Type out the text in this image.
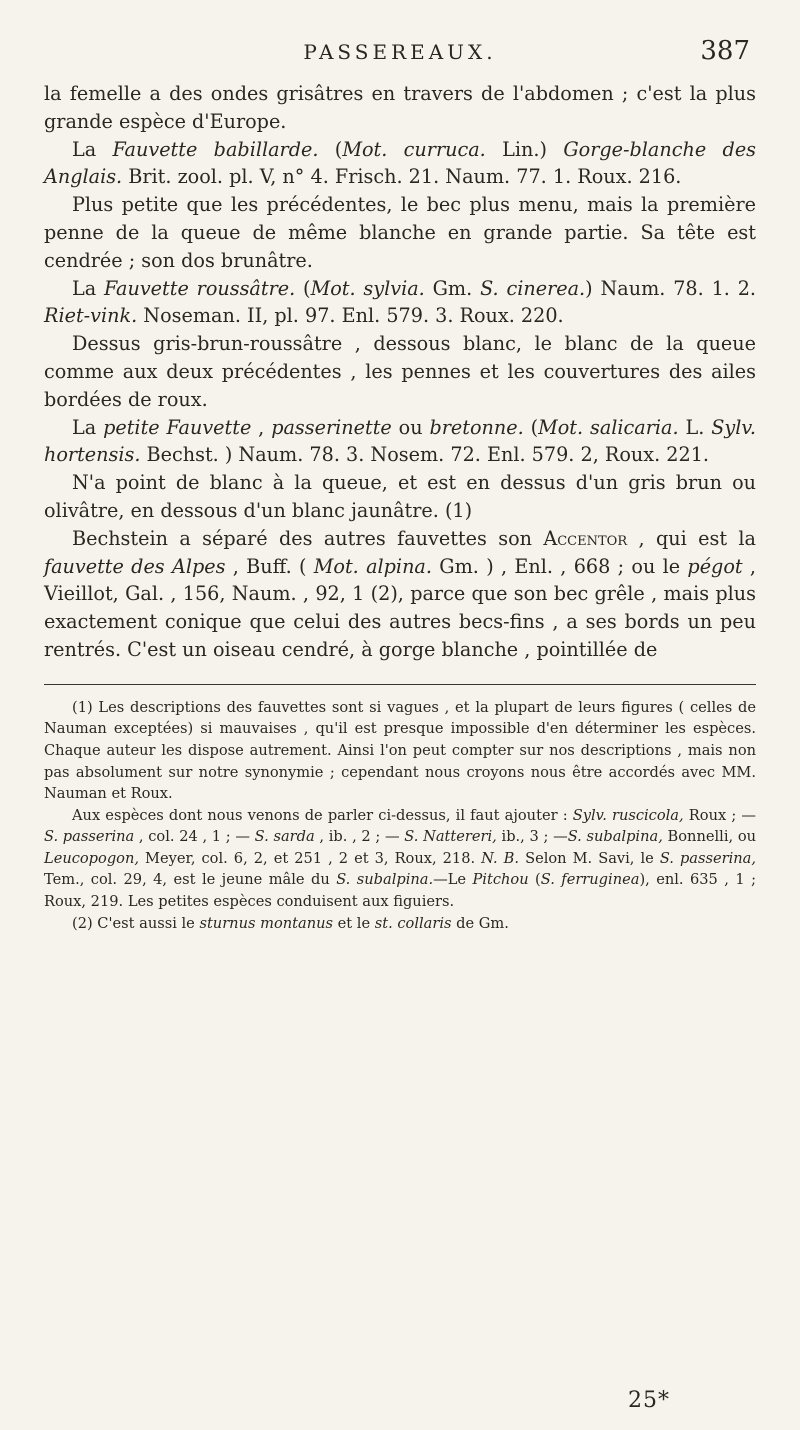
PASSEREAUX.	387

la femelle a des ondes grisâtres en travers de l'abdomen ; c'est la plus grande espèce d'Europe.

La Fauvette babillarde. (Mot. curruca. Lin.) Gorge-blanche des Anglais. Brit. zool. pl. V, n° 4. Frisch. 21. Naum. 77. 1. Roux. 216.

Plus petite que les précédentes, le bec plus menu, mais la première penne de la queue de même blanche en grande partie. Sa tête est cendrée ; son dos brunâtre.

La Fauvette roussâtre. (Mot. sylvia. Gm. S. cinerea.) Naum. 78. 1. 2. Riet-vink. Noseman. II, pl. 97. Enl. 579. 3. Roux. 220.

Dessus gris-brun-roussâtre , dessous blanc, le blanc de la queue comme aux deux précédentes , les pennes et les couvertures des ailes bordées de roux.

La petite Fauvette , passerinette ou bretonne. (Mot. salicaria. L. Sylv. hortensis. Bechst. ) Naum. 78. 3. Nosem. 72. Enl. 579. 2, Roux. 221.

N'a point de blanc à la queue, et est en dessus d'un gris brun ou olivâtre, en dessous d'un blanc jaunâtre. (1)

Bechstein a séparé des autres fauvettes son Accentor , qui est la fauvette des Alpes , Buff. ( Mot. alpina. Gm. ) , Enl. , 668 ; ou le pégot , Vieillot, Gal. , 156, Naum. , 92, 1 (2), parce que son bec grêle , mais plus exactement conique que celui des autres becs-fins , a ses bords un peu rentrés. C'est un oiseau cendré, à gorge blanche , pointillée de

(1) Les descriptions des fauvettes sont si vagues , et la plupart de leurs figures ( celles de Nauman exceptées) si mauvaises , qu'il est presque impossible d'en déterminer les espèces. Chaque auteur les dispose autrement. Ainsi l'on peut compter sur nos descriptions , mais non pas absolument sur notre synonymie ; cependant nous croyons nous être accordés avec MM. Nauman et Roux.

Aux espèces dont nous venons de parler ci-dessus, il faut ajouter : Sylv. ruscicola, Roux ; — S. passerina , col. 24 , 1 ; — S. sarda , ib. , 2 ; — S. Nattereri, ib., 3 ; —S. subalpina, Bonnelli, ou Leucopogon, Meyer, col. 6, 2, et 251 , 2 et 3, Roux, 218. N. B. Selon M. Savi, le S. passerina, Tem., col. 29, 4, est le jeune mâle du S. subalpina.—Le Pitchou (S. ferruginea), enl. 635 , 1 ; Roux, 219. Les petites espèces conduisent aux figuiers.

(2) C'est aussi le sturnus montanus et le st. collaris de Gm.

25*
